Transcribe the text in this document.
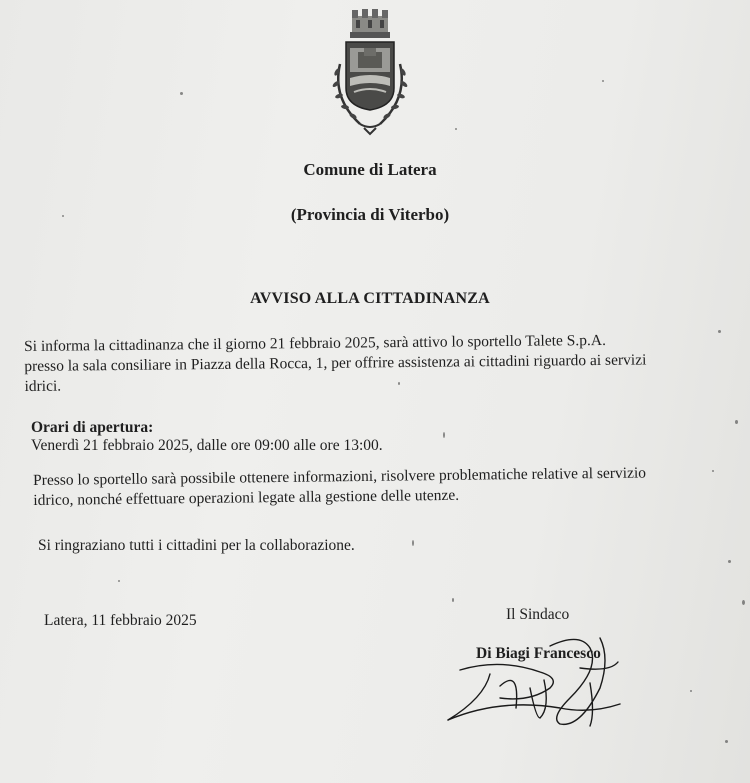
Comune di Latera
(Provincia di Viterbo)
AVVISO ALLA CITTADINANZA
Si informa la cittadinanza che il giorno 21 febbraio 2025, sarà attivo lo sportello Talete S.p.A.
presso la sala consiliare in Piazza della Rocca, 1, per offrire assistenza ai cittadini riguardo ai servizi
idrici.
Orari di apertura:
Venerdì 21 febbraio 2025, dalle ore 09:00 alle ore 13:00.
Presso lo sportello sarà possibile ottenere informazioni, risolvere problematiche relative al servizio
idrico, nonché effettuare operazioni legate alla gestione delle utenze.
Si ringraziano tutti i cittadini per la collaborazione.
Latera, 11 febbraio 2025	Il Sindaco
Di Biagi Francesco
